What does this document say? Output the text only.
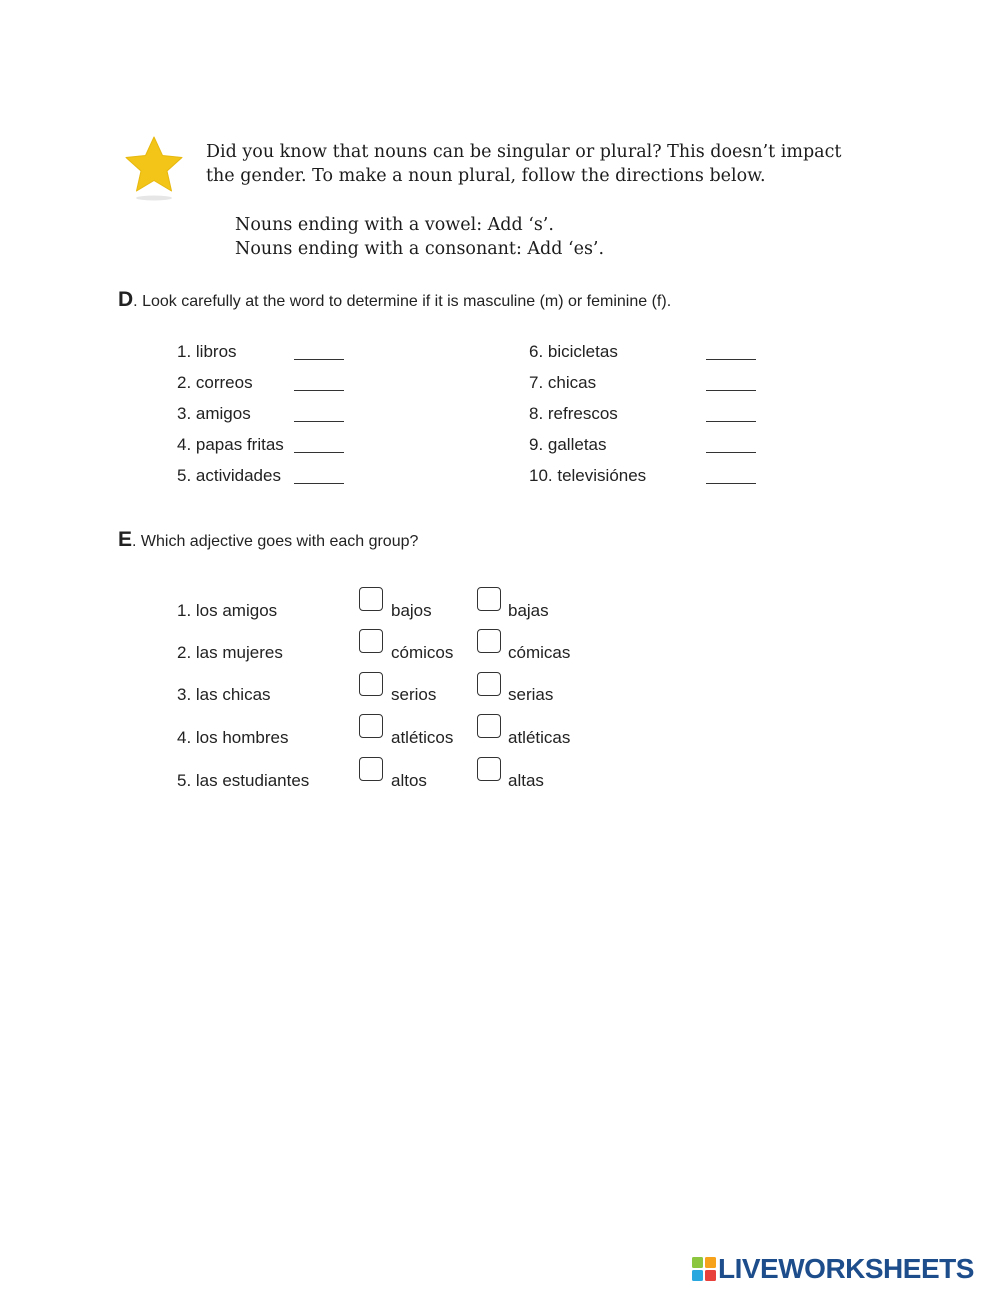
Did you know that nouns can be singular or plural? This doesn’t impact
the gender. To make a noun plural, follow the directions below.
Nouns ending with a vowel: Add ‘s’.
Nouns ending with a consonant: Add ‘es’.
D. Look carefully at the word to determine if it is masculine (m) or feminine (f).
1. libros
2. correos
3. amigos
4. papas fritas
5. actividades
6. bicicletas
7. chicas
8. refrescos
9. galletas
10. televisiónes
E. Which adjective goes with each group?
1. los amigos	bajos	bajas
2. las mujeres	cómicos	cómicas
3. las chicas	serios	serias
4. los hombres	atléticos	atléticas
5. las estudiantes	altos	altas
LIVEWORKSHEETS
